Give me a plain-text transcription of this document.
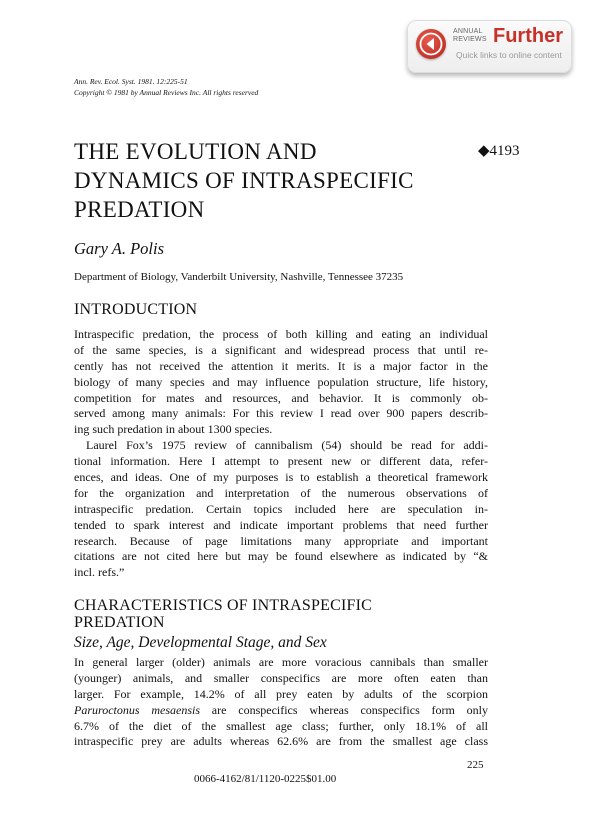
ANNUAL
REVIEWS Further
Quick links to online content
Ann. Rev. Ecol. Syst. 1981. 12:225-51
Copyright © 1981 by Annual Reviews Inc. All rights reserved
THE EVOLUTION AND
DYNAMICS OF INTRASPECIFIC
PREDATION
◆4193
Gary A. Polis
Department of Biology, Vanderbilt University, Nashville, Tennessee 37235
INTRODUCTION
Intraspecific predation, the process of both killing and eating an individual
of the same species, is a significant and widespread process that until re-
cently has not received the attention it merits. It is a major factor in the
biology of many species and may influence population structure, life history,
competition for mates and resources, and behavior. It is commonly ob-
served among many animals: For this review I read over 900 papers describ-
ing such predation in about 1300 species.
Laurel Fox’s 1975 review of cannibalism (54) should be read for addi-
tional information. Here I attempt to present new or different data, refer-
ences, and ideas. One of my purposes is to establish a theoretical framework
for the organization and interpretation of the numerous observations of
intraspecific predation. Certain topics included here are speculation in-
tended to spark interest and indicate important problems that need further
research. Because of page limitations many appropriate and important
citations are not cited here but may be found elsewhere as indicated by “&
incl. refs.”
CHARACTERISTICS OF INTRASPECIFIC
PREDATION
Size, Age, Developmental Stage, and Sex
In general larger (older) animals are more voracious cannibals than smaller
(younger) animals, and smaller conspecifics are more often eaten than
larger. For example, 14.2% of all prey eaten by adults of the scorpion
Paruroctonus mesaensis are conspecifics whereas conspecifics form only
6.7% of the diet of the smallest age class; further, only 18.1% of all
intraspecific prey are adults whereas 62.6% are from the smallest age class
225
0066-4162/81/1120-0225$01.00
